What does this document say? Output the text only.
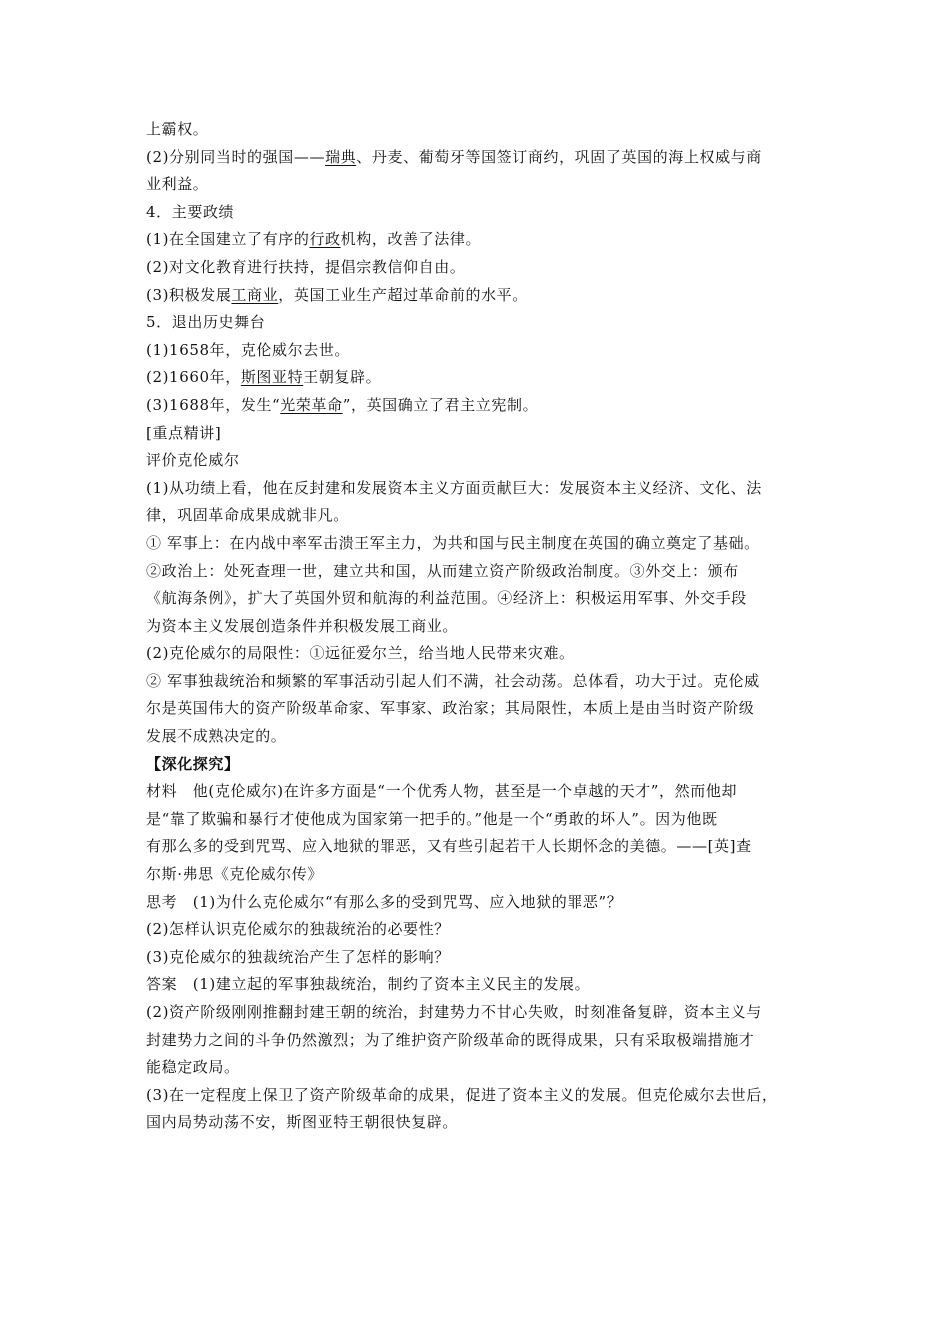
上霸权。
(2)分别同当时的强国——瑞典、丹麦、葡萄牙等国签订商约，巩固了英国的海上权威与商
业利益。
4．主要政绩
(1)在全国建立了有序的行政机构，改善了法律。
(2)对文化教育进行扶持，提倡宗教信仰自由。
(3)积极发展工商业，英国工业生产超过革命前的水平。
5．退出历史舞台
(1)1658年，克伦威尔去世。
(2)1660年，斯图亚特王朝复辟。
(3)1688年，发生“光荣革命”，英国确立了君主立宪制。
[重点精讲]
评价克伦威尔
(1)从功绩上看，他在反封建和发展资本主义方面贡献巨大：发展资本主义经济、文化、法
律，巩固革命成果成就非凡。
① 军事上：在内战中率军击溃王军主力，为共和国与民主制度在英国的确立奠定了基础。
②政治上：处死查理一世，建立共和国，从而建立资产阶级政治制度。③外交上：颁布
《航海条例》，扩大了英国外贸和航海的利益范围。④经济上：积极运用军事、外交手段
为资本主义发展创造条件并积极发展工商业。
(2)克伦威尔的局限性：①远征爱尔兰，给当地人民带来灾难。
② 军事独裁统治和频繁的军事活动引起人们不满，社会动荡。总体看，功大于过。克伦威
尔是英国伟大的资产阶级革命家、军事家、政治家；其局限性，本质上是由当时资产阶级
发展不成熟决定的。
【深化探究】
材料　他(克伦威尔)在许多方面是“一个优秀人物，甚至是一个卓越的天才”，然而他却
是“靠了欺骗和暴行才使他成为国家第一把手的。”他是一个“勇敢的坏人”。因为他既
有那么多的受到咒骂、应入地狱的罪恶，又有些引起若干人长期怀念的美德。——[英]查
尔斯·弗思《克伦威尔传》
思考　(1)为什么克伦威尔“有那么多的受到咒骂、应入地狱的罪恶”？
(2)怎样认识克伦威尔的独裁统治的必要性？
(3)克伦威尔的独裁统治产生了怎样的影响？
答案　(1)建立起的军事独裁统治，制约了资本主义民主的发展。
(2)资产阶级刚刚推翻封建王朝的统治，封建势力不甘心失败，时刻准备复辟，资本主义与
封建势力之间的斗争仍然激烈；为了维护资产阶级革命的既得成果，只有采取极端措施才
能稳定政局。
(3)在一定程度上保卫了资产阶级革命的成果，促进了资本主义的发展。但克伦威尔去世后，
国内局势动荡不安，斯图亚特王朝很快复辟。
